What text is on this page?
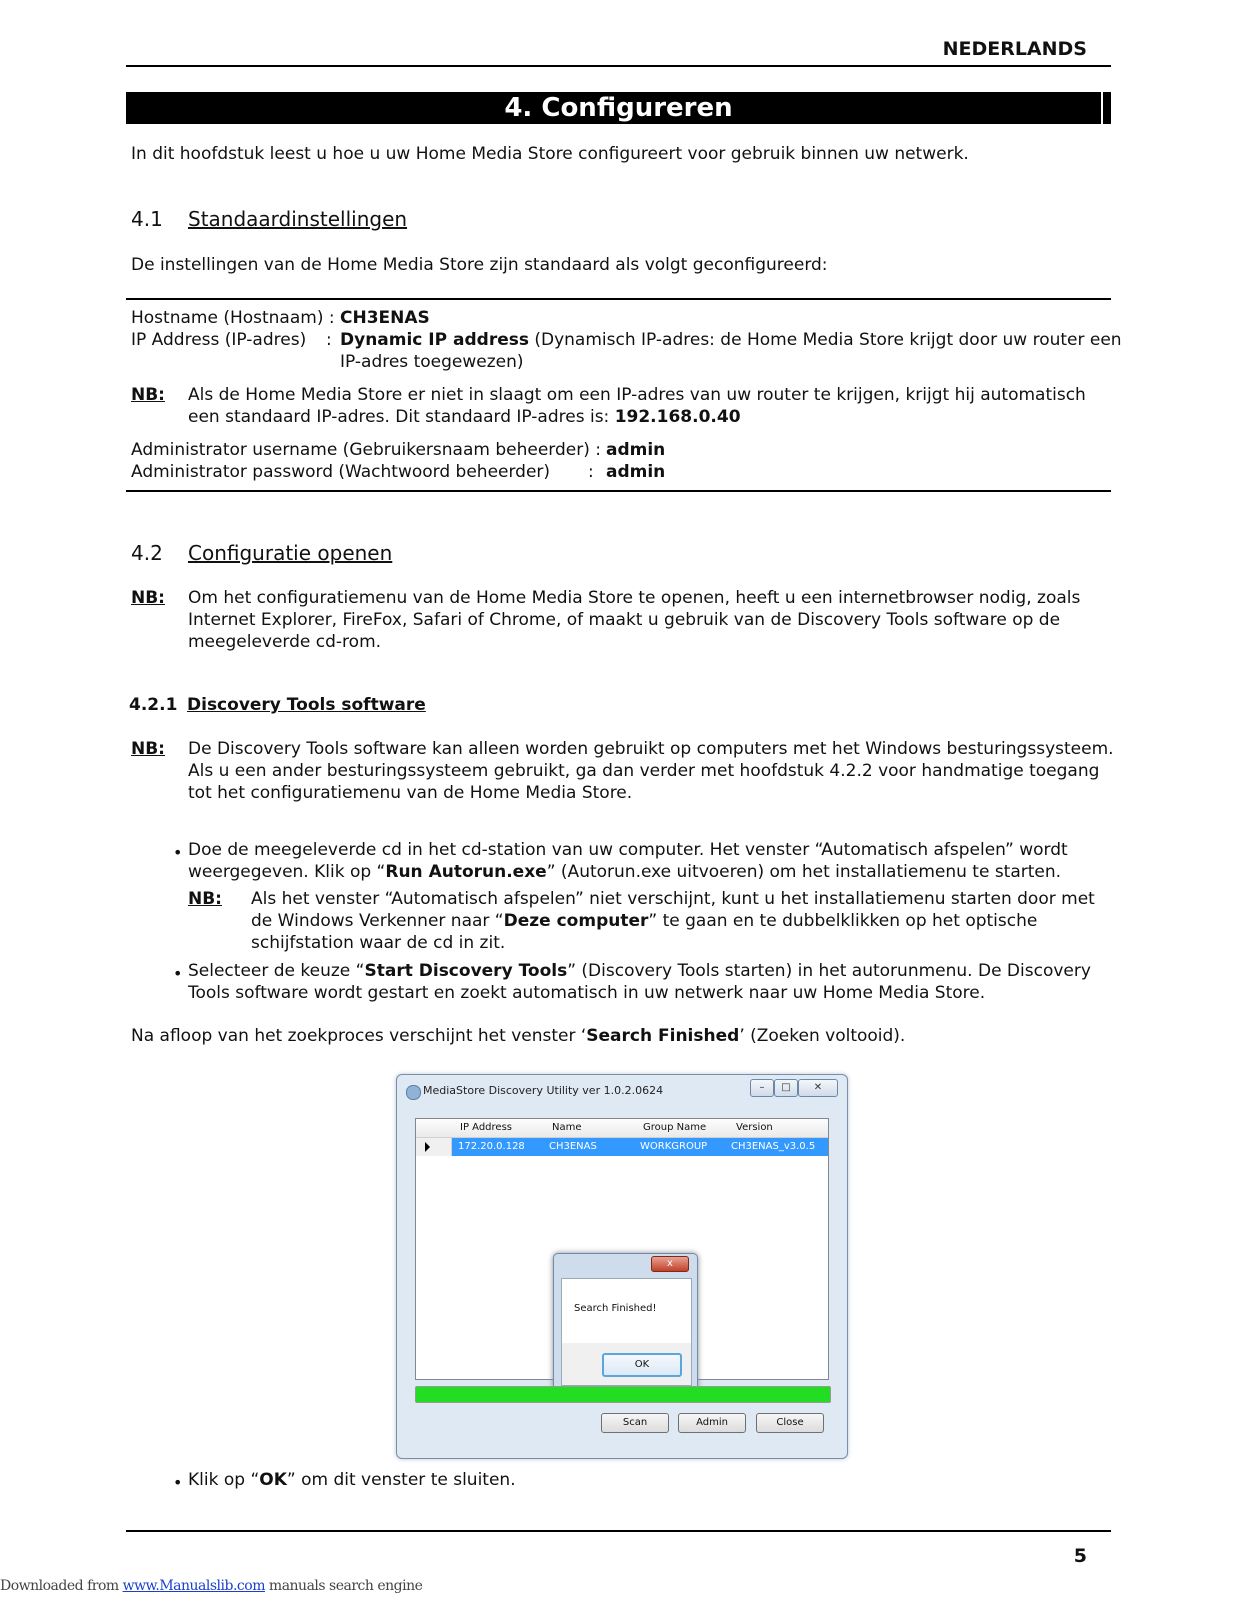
NEDERLANDS
4. Configureren
In dit hoofdstuk leest u hoe u uw Home Media Store configureert voor gebruik binnen uw netwerk.
4.1 Standaardinstellingen
De instellingen van de Home Media Store zijn standaard als volgt geconfigureerd:
Hostname (Hostnaam) : CH3ENAS
IP Address (IP-adres) : Dynamic IP address (Dynamisch IP-adres: de Home Media Store krijgt door uw router een
IP-adres toegewezen)
NB: Als de Home Media Store er niet in slaagt om een IP-adres van uw router te krijgen, krijgt hij automatisch
een standaard IP-adres. Dit standaard IP-adres is: 192.168.0.40
Administrator username (Gebruikersnaam beheerder) : admin
Administrator password (Wachtwoord beheerder) : admin
4.2 Configuratie openen
NB: Om het configuratiemenu van de Home Media Store te openen, heeft u een internetbrowser nodig, zoals
Internet Explorer, FireFox, Safari of Chrome, of maakt u gebruik van de Discovery Tools software op de
meegeleverde cd-rom.
4.2.1 Discovery Tools software
NB: De Discovery Tools software kan alleen worden gebruikt op computers met het Windows besturingssysteem.
Als u een ander besturingssysteem gebruikt, ga dan verder met hoofdstuk 4.2.2 voor handmatige toegang
tot het configuratiemenu van de Home Media Store.
• Doe de meegeleverde cd in het cd-station van uw computer. Het venster “Automatisch afspelen” wordt
weergegeven. Klik op “Run Autorun.exe” (Autorun.exe uitvoeren) om het installatiemenu te starten.
NB: Als het venster “Automatisch afspelen” niet verschijnt, kunt u het installatiemenu starten door met
de Windows Verkenner naar “Deze computer” te gaan en te dubbelklikken op het optische
schijfstation waar de cd in zit.
• Selecteer de keuze “Start Discovery Tools” (Discovery Tools starten) in het autorunmenu. De Discovery
Tools software wordt gestart en zoekt automatisch in uw netwerk naar uw Home Media Store.
Na afloop van het zoekproces verschijnt het venster ‘Search Finished’ (Zoeken voltooid).
MediaStore Discovery Utility ver 1.0.2.0624	–	□	✕
IP Address	Name	Group Name	Version
172.20.0.128 CH3ENAS	WORKGROUP CH3ENAS_v3.0.5
x
Search Finished!
OK
Scan	Admin	Close
• Klik op “OK” om dit venster te sluiten.
5
Downloaded from www.Manualslib.com manuals search engine
